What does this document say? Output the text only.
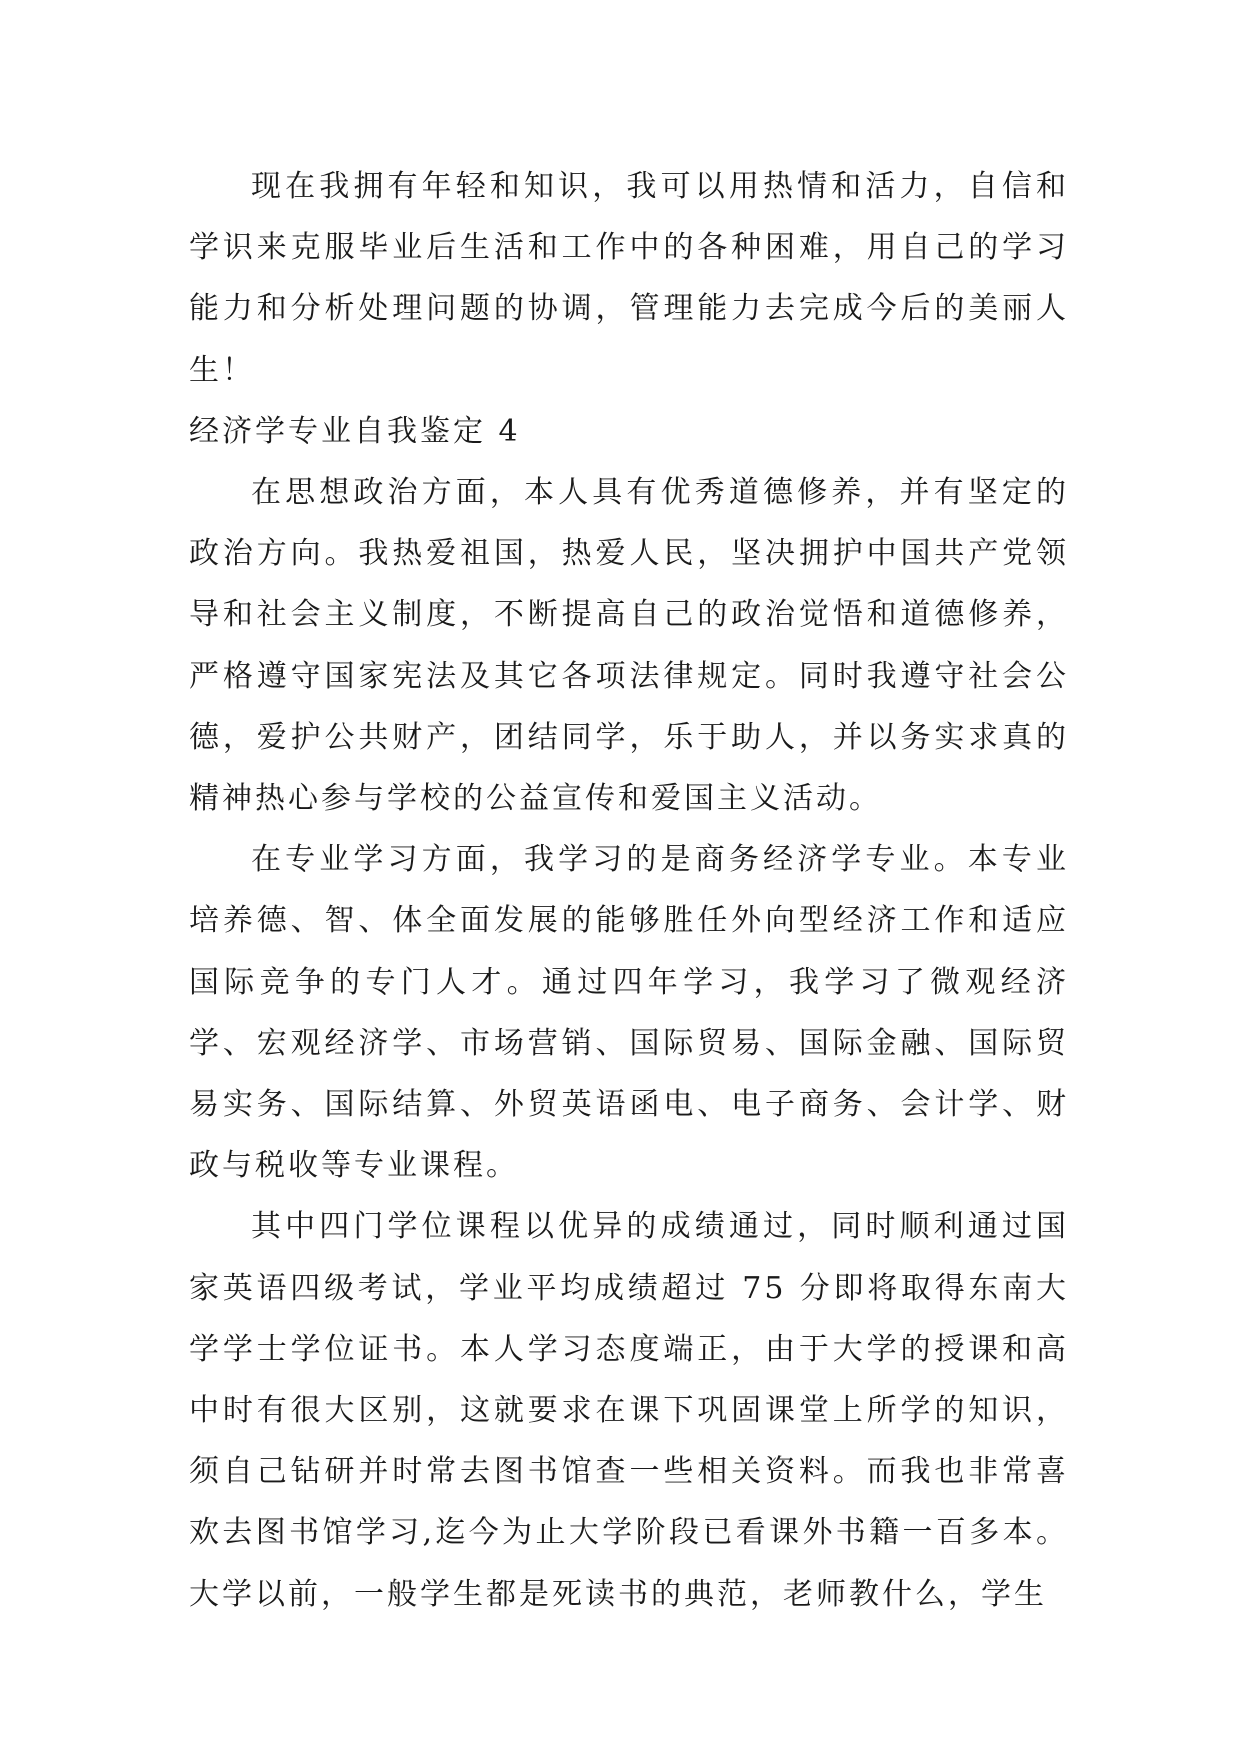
现在我拥有年轻和知识，我可以用热情和活力，自信和学识来克服毕业后生活和工作中的各种困难，用自己的学习能力和分析处理问题的协调，管理能力去完成今后的美丽人生！

经济学专业自我鉴定 4

在思想政治方面，本人具有优秀道德修养，并有坚定的政治方向。我热爱祖国，热爱人民，坚决拥护中国共产党领导和社会主义制度，不断提高自己的政治觉悟和道德修养，严格遵守国家宪法及其它各项法律规定。同时我遵守社会公德，爱护公共财产，团结同学，乐于助人，并以务实求真的精神热心参与学校的公益宣传和爱国主义活动。

在专业学习方面，我学习的是商务经济学专业。本专业培养德、智、体全面发展的能够胜任外向型经济工作和适应国际竞争的专门人才。通过四年学习，我学习了微观经济学、宏观经济学、市场营销、国际贸易、国际金融、国际贸易实务、国际结算、外贸英语函电、电子商务、会计学、财政与税收等专业课程。

其中四门学位课程以优异的成绩通过，同时顺利通过国家英语四级考试，学业平均成绩超过 75 分即将取得东南大学学士学位证书。本人学习态度端正，由于大学的授课和高中时有很大区别，这就要求在课下巩固课堂上所学的知识，须自己钻研并时常去图书馆查一些相关资料。而我也非常喜欢去图书馆学习,迄今为止大学阶段已看课外书籍一百多本。大学以前，一般学生都是死读书的典范，老师教什么，学生
